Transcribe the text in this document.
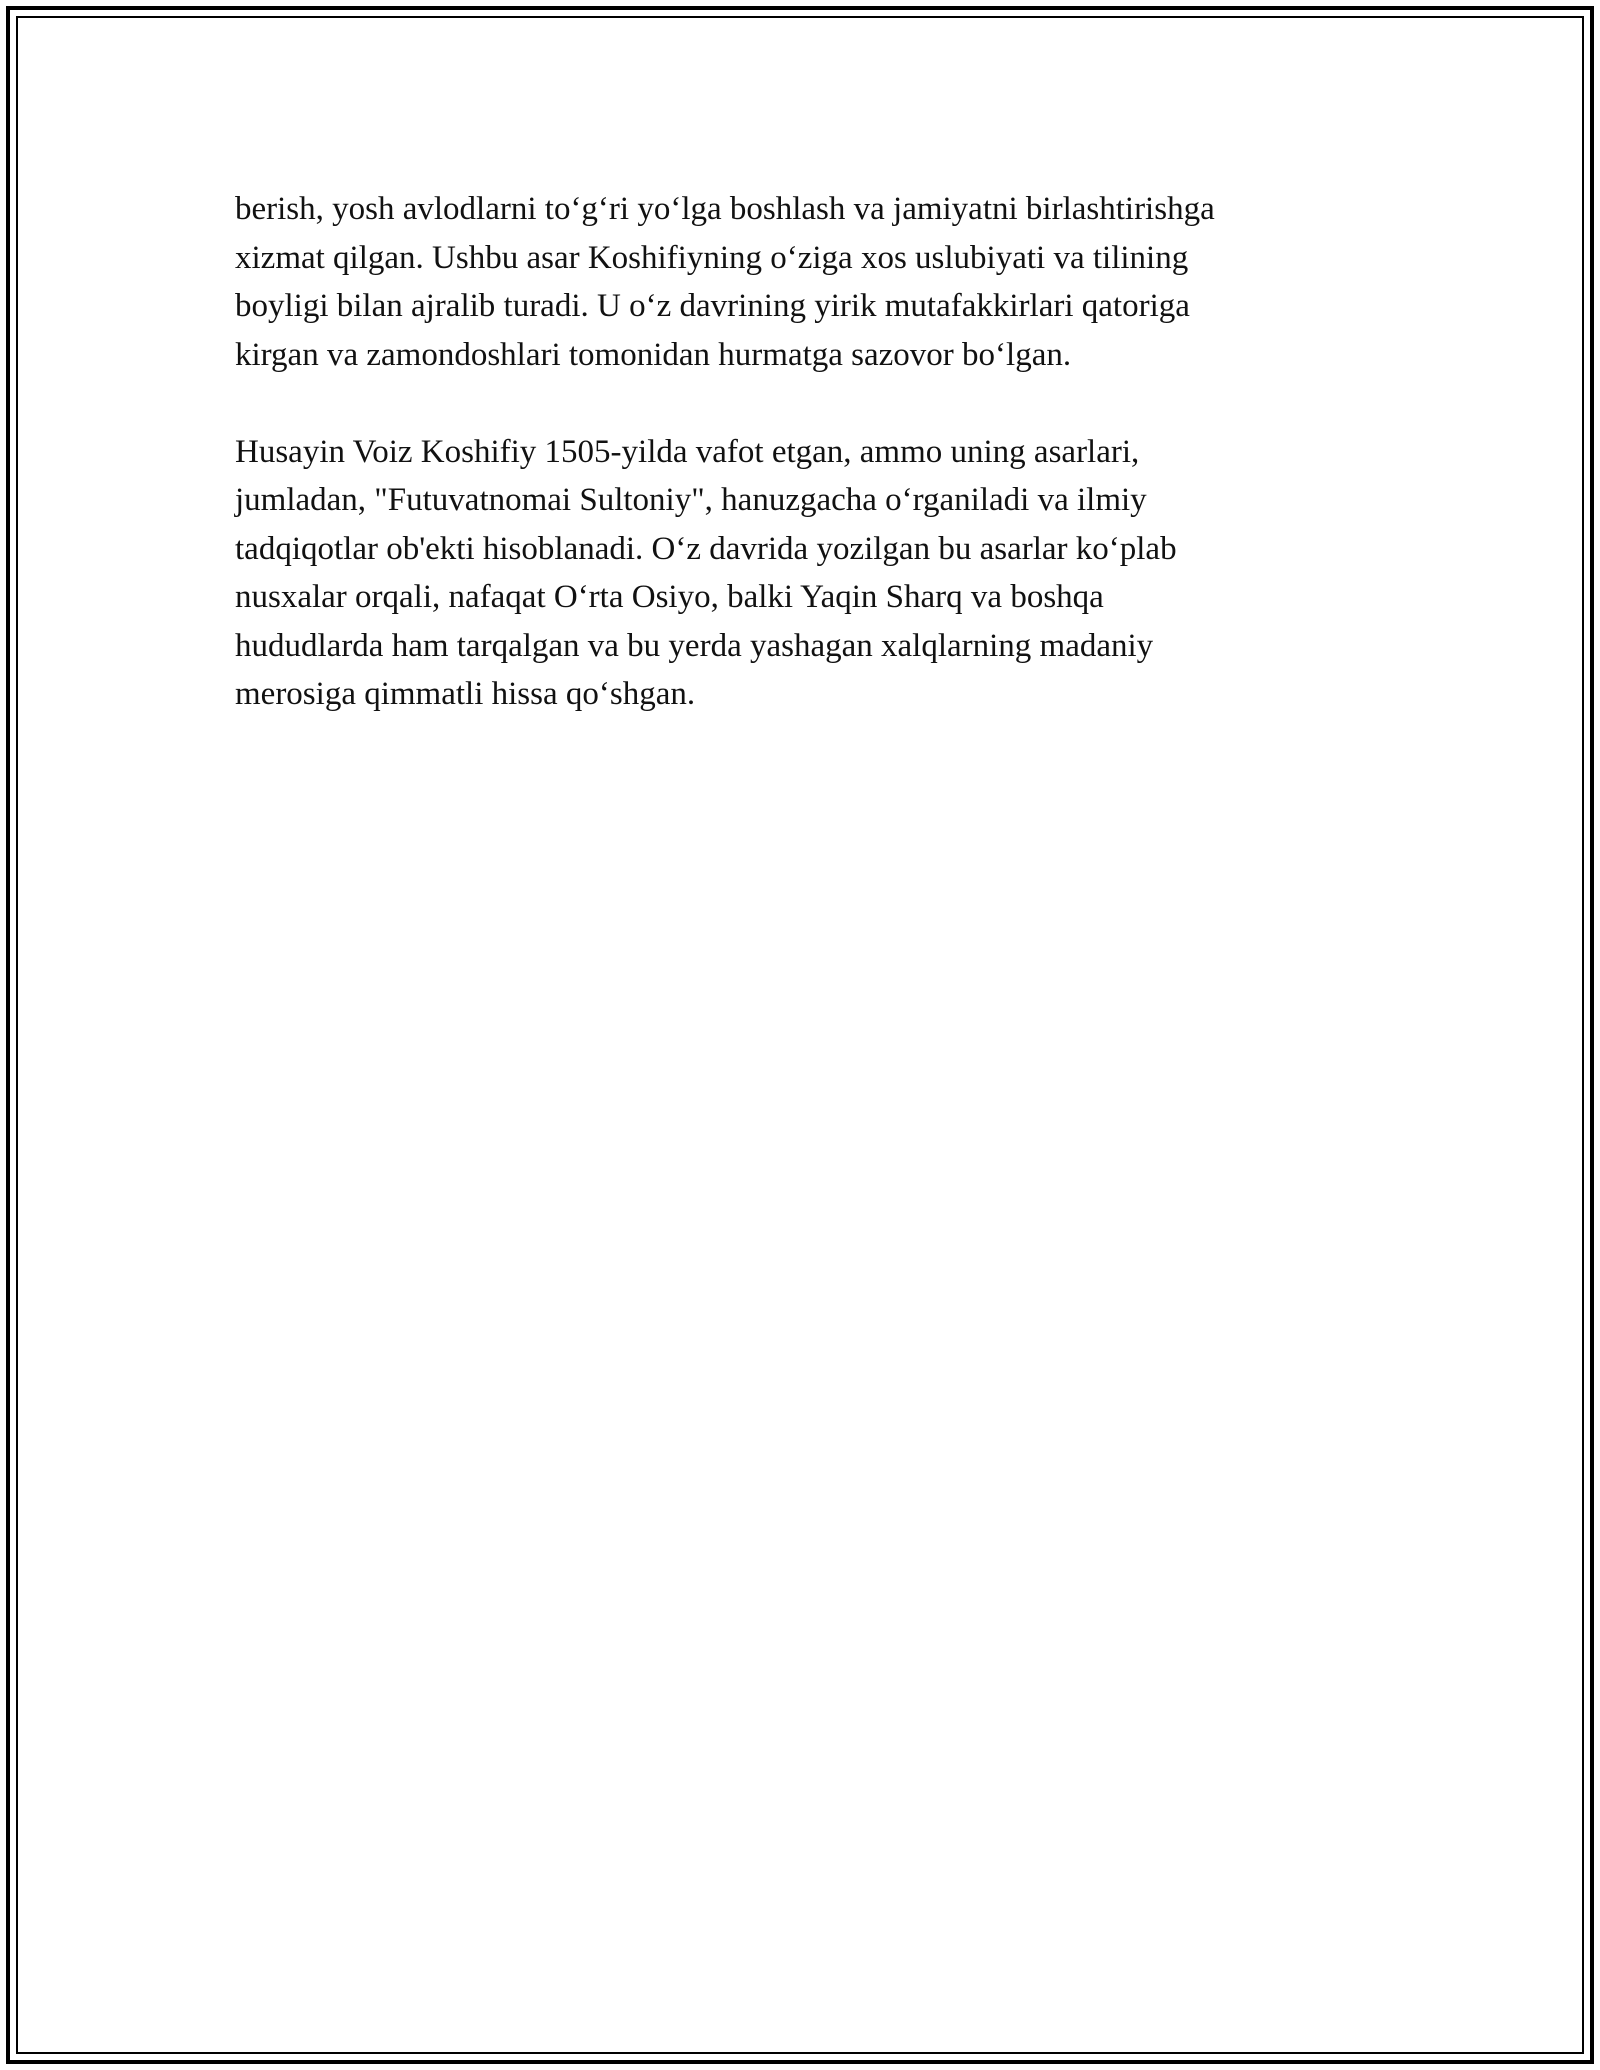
berish, yosh avlodlarni to‘g‘ri yo‘lga boshlash va jamiyatni birlashtirishga
xizmat qilgan. Ushbu asar Koshifiyning o‘ziga xos uslubiyati va tilining
boyligi bilan ajralib turadi. U o‘z davrining yirik mutafakkirlari qatoriga
kirgan va zamondoshlari tomonidan hurmatga sazovor bo‘lgan.

Husayin Voiz Koshifiy 1505-yilda vafot etgan, ammo uning asarlari,
jumladan, "Futuvatnomai Sultoniy", hanuzgacha o‘rganiladi va ilmiy
tadqiqotlar ob'ekti hisoblanadi. O‘z davrida yozilgan bu asarlar ko‘plab
nusxalar orqali, nafaqat O‘rta Osiyo, balki Yaqin Sharq va boshqa
hududlarda ham tarqalgan va bu yerda yashagan xalqlarning madaniy
merosiga qimmatli hissa qo‘shgan.
